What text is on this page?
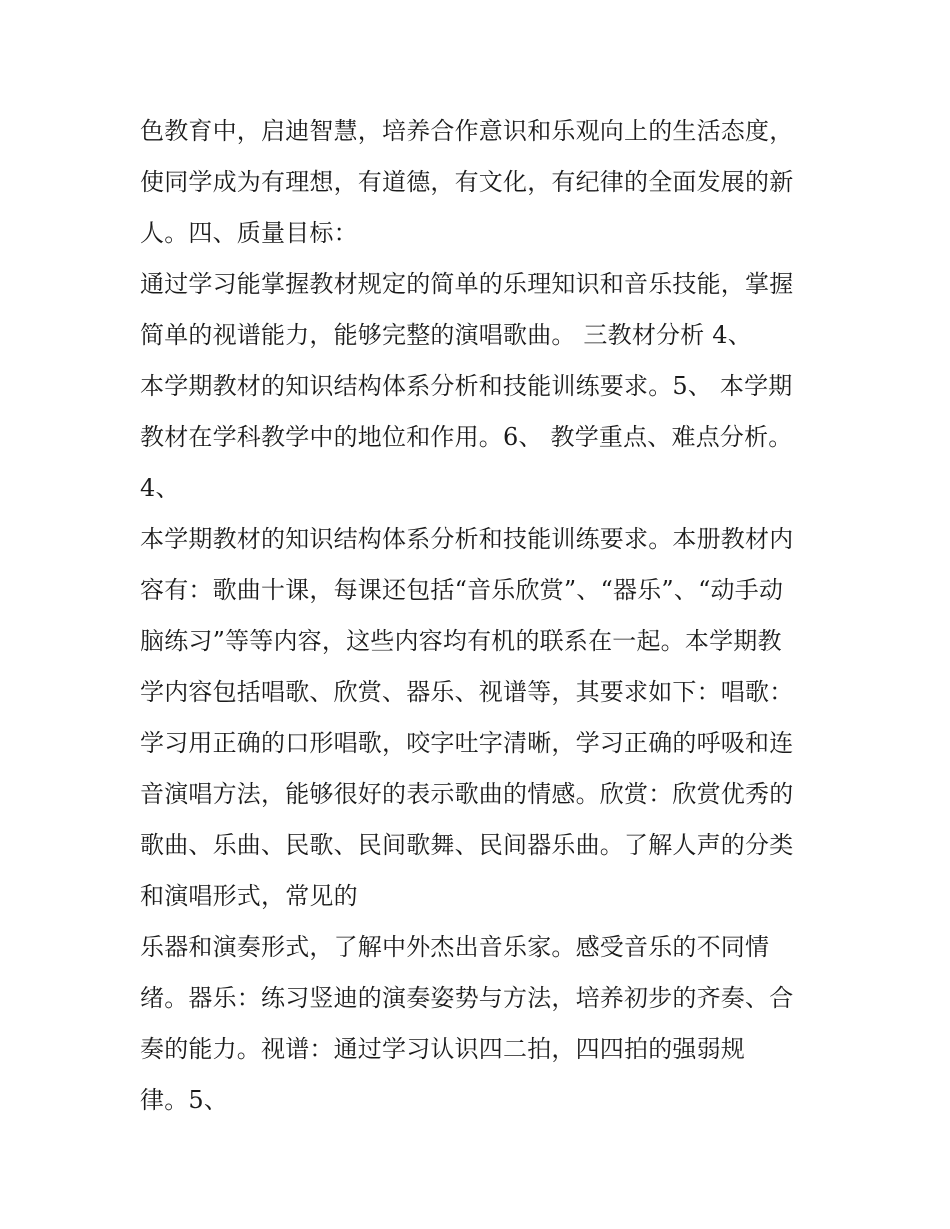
色教育中，启迪智慧，培养合作意识和乐观向上的生活态度，
使同学成为有理想，有道德，有文化，有纪律的全面发展的新
人。四、质量目标：
通过学习能掌握教材规定的简单的乐理知识和音乐技能，掌握
简单的视谱能力，能够完整的演唱歌曲。 三教材分析 4、
本学期教材的知识结构体系分析和技能训练要求。5、 本学期
教材在学科教学中的地位和作用。6、 教学重点、难点分析。
4、
本学期教材的知识结构体系分析和技能训练要求。本册教材内
容有：歌曲十课，每课还包括“音乐欣赏”、“器乐”、“动手动
脑练习”等等内容，这些内容均有机的联系在一起。本学期教
学内容包括唱歌、欣赏、器乐、视谱等，其要求如下：唱歌：
学习用正确的口形唱歌，咬字吐字清晰，学习正确的呼吸和连
音演唱方法，能够很好的表示歌曲的情感。欣赏：欣赏优秀的
歌曲、乐曲、民歌、民间歌舞、民间器乐曲。了解人声的分类
和演唱形式，常见的
乐器和演奏形式，了解中外杰出音乐家。感受音乐的不同情
绪。器乐：练习竖迪的演奏姿势与方法，培养初步的齐奏、合
奏的能力。视谱：通过学习认识四二拍，四四拍的强弱规
律。5、
